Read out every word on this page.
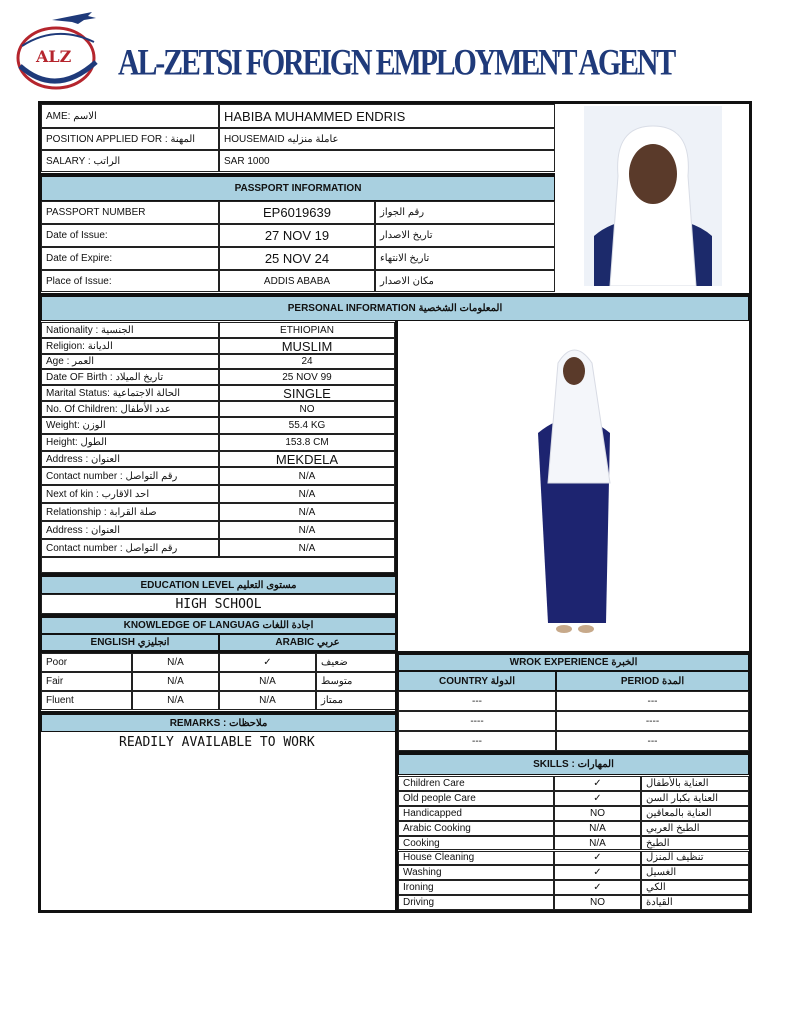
ALZ AL-ZETSI FOREIGN EMPLOYMENT AGENT
AME: الاسم	HABIBA MUHAMMED ENDRIS
POSITION APPLIED FOR : المهنة	HOUSEMAID عاملة منزليه
SALARY : الراتب	SAR 1000
PASSPORT INFORMATION
PASSPORT NUMBER	EP6019639	رقم الجواز
Date of Issue:	27 NOV 19	تاريخ الاصدار
Date of Expire:	25 NOV 24	تاريخ الانتهاء
Place of Issue:	ADDIS ABABA	مكان الاصدار
PERSONAL INFORMATION المعلومات الشخصية
Nationality : الجنسية	ETHIOPIAN
Religion: الديانة	MUSLIM
Age : العمر	24
Date OF Birth : تاريخ الميلاد	25 NOV 99
Marital Status: الحالة الاجتماعية	SINGLE
No. Of Children: عدد الأطفال	NO
Weight: الوزن	55.4 KG
Height: الطول	153.8 CM
Address : العنوان	MEKDELA
Contact number : رقم التواصل	N/A
Next of kin : احد الاقارب	N/A
Relationship : صلة القرابة	N/A
Address : العنوان	N/A
Contact number : رقم التواصل	N/A
EDUCATION LEVEL مستوى التعليم
HIGH SCHOOL
KNOWLEDGE OF LANGUAG اجادة اللغات
ENGLISH انجليزي	ARABIC عربي
Poor	N/A	✓	ضعيف
Fair	N/A	N/A	متوسط
Fluent	N/A	N/A	ممتاز
REMARKS : ملاحظات
READILY AVAILABLE TO WORK
WROK EXPERIENCE الخبرة
COUNTRY الدولة	PERIOD المدة
---	---
----	----
---	---
SKILLS : المهارات
Children Care	✓	العناية بالأطفال
Old people Care	✓	العناية بكبار السن
Handicapped	NO	العناية بالمعاقين
Arabic Cooking	N/A	الطبخ العربي
Cooking	N/A	الطبخ
House Cleaning	✓	تنظيف المنزل
Washing	✓	الغسيل
Ironing	✓	الكي
Driving	NO	القيادة
